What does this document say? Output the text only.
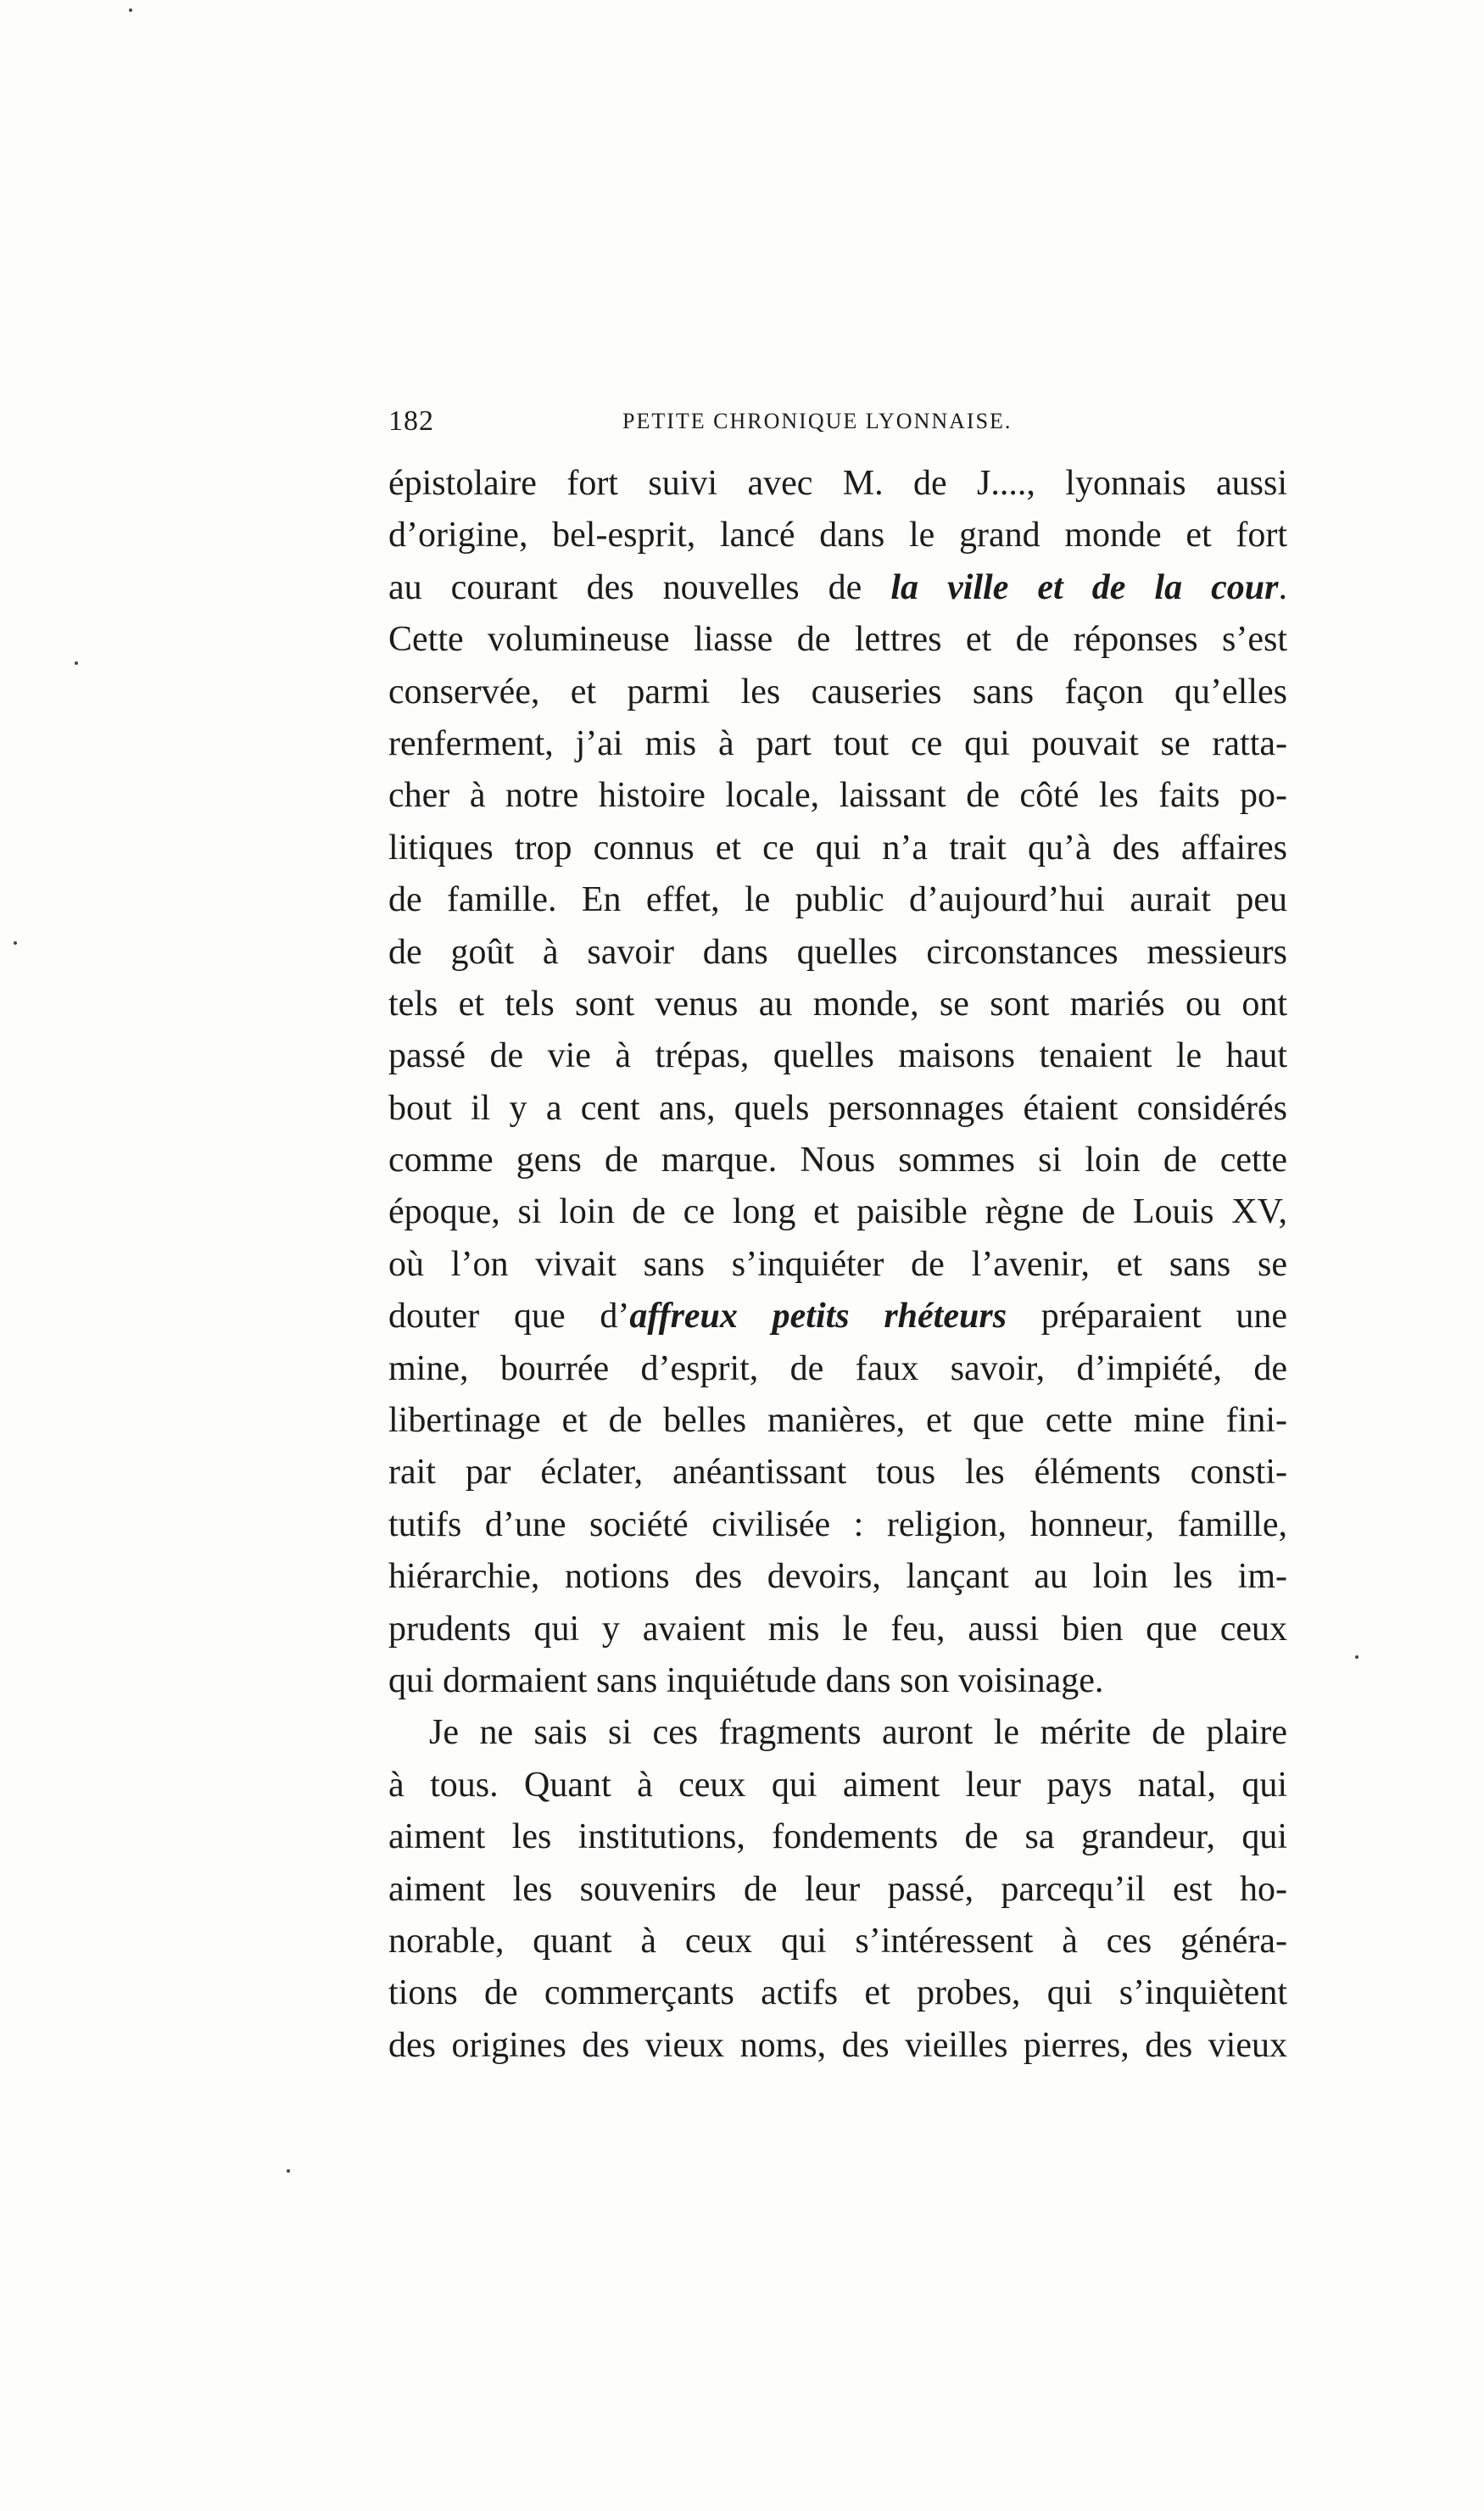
182	PETITE CHRONIQUE LYONNAISE.
épistolaire fort suivi avec M. de J...., lyonnais aussi
d’origine, bel-esprit, lancé dans le grand monde et fort
au courant des nouvelles de la ville et de la cour.
Cette volumineuse liasse de lettres et de réponses s’est
conservée, et parmi les causeries sans façon qu’elles
renferment, j’ai mis à part tout ce qui pouvait se ratta-
cher à notre histoire locale, laissant de côté les faits po-
litiques trop connus et ce qui n’a trait qu’à des affaires
de famille. En effet, le public d’aujourd’hui aurait peu
de goût à savoir dans quelles circonstances messieurs
tels et tels sont venus au monde, se sont mariés ou ont
passé de vie à trépas, quelles maisons tenaient le haut
bout il y a cent ans, quels personnages étaient considérés
comme gens de marque. Nous sommes si loin de cette
époque, si loin de ce long et paisible règne de Louis XV,
où l’on vivait sans s’inquiéter de l’avenir, et sans se
douter que d’affreux petits rhéteurs préparaient une
mine, bourrée d’esprit, de faux savoir, d’impiété, de
libertinage et de belles manières, et que cette mine fini-
rait par éclater, anéantissant tous les éléments consti-
tutifs d’une société civilisée : religion, honneur, famille,
hiérarchie, notions des devoirs, lançant au loin les im-
prudents qui y avaient mis le feu, aussi bien que ceux
qui dormaient sans inquiétude dans son voisinage.
Je ne sais si ces fragments auront le mérite de plaire
à tous. Quant à ceux qui aiment leur pays natal, qui
aiment les institutions, fondements de sa grandeur, qui
aiment les souvenirs de leur passé, parcequ’il est ho-
norable, quant à ceux qui s’intéressent à ces généra-
tions de commerçants actifs et probes, qui s’inquiètent
des origines des vieux noms, des vieilles pierres, des vieux
